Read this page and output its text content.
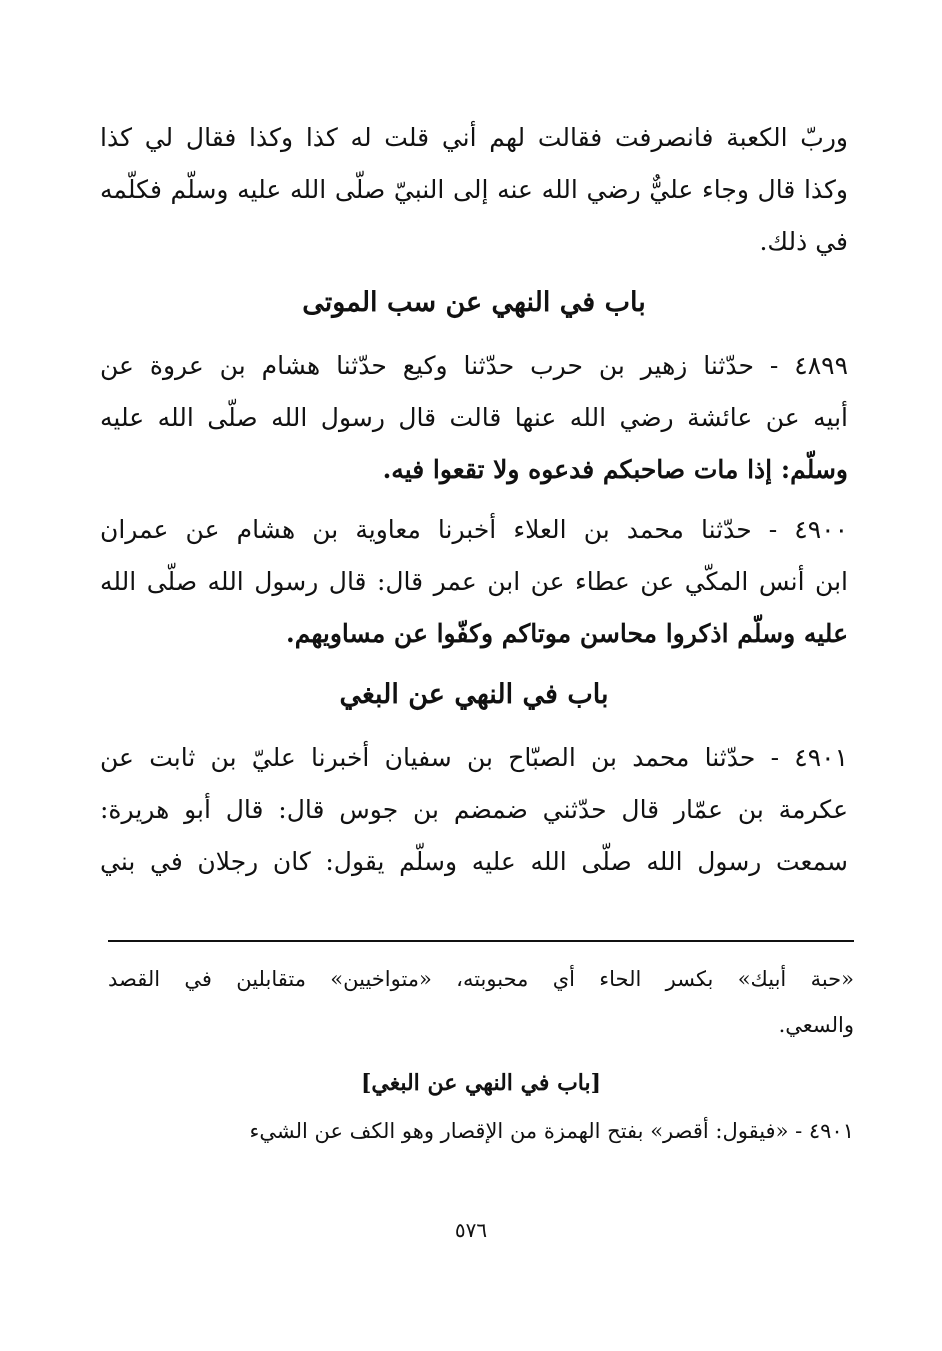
وربّ الكعبة فانصرفت فقالت لهم أني قلت له كذا وكذا فقال لي كذا
وكذا قال وجاء عليٌّ رضي الله عنه إلى النبيّ صلّى الله عليه وسلّم فكلّمه
في ذلك.
باب في النهي عن سب الموتى
٤٨٩٩ - حدّثنا زهير بن حرب حدّثنا وكيع حدّثنا هشام بن عروة عن
أبيه عن عائشة رضي الله عنها قالت قال رسول الله صلّى الله عليه
وسلّم: إذا مات صاحبكم فدعوه ولا تقعوا فيه.
٤٩٠٠ - حدّثنا محمد بن العلاء أخبرنا معاوية بن هشام عن عمران
ابن أنس المكّي عن عطاء عن ابن عمر قال: قال رسول الله صلّى الله
عليه وسلّم اذكروا محاسن موتاكم وكفّوا عن مساويهم.
باب في النهي عن البغي
٤٩٠١ - حدّثنا محمد بن الصبّاح بن سفيان أخبرنا عليّ بن ثابت عن
عكرمة بن عمّار قال حدّثني ضمضم بن جوس قال: قال أبو هريرة:
سمعت رسول الله صلّى الله عليه وسلّم يقول: كان رجلان في بني
«حبة أبيك» بكسر الحاء أي محبوبته، «متواخيين» متقابلين في القصد
والسعي.
[باب في النهي عن البغي]
٤٩٠١ - «فيقول: أقصر» بفتح الهمزة من الإقصار وهو الكف عن الشيء
٥٧٦
